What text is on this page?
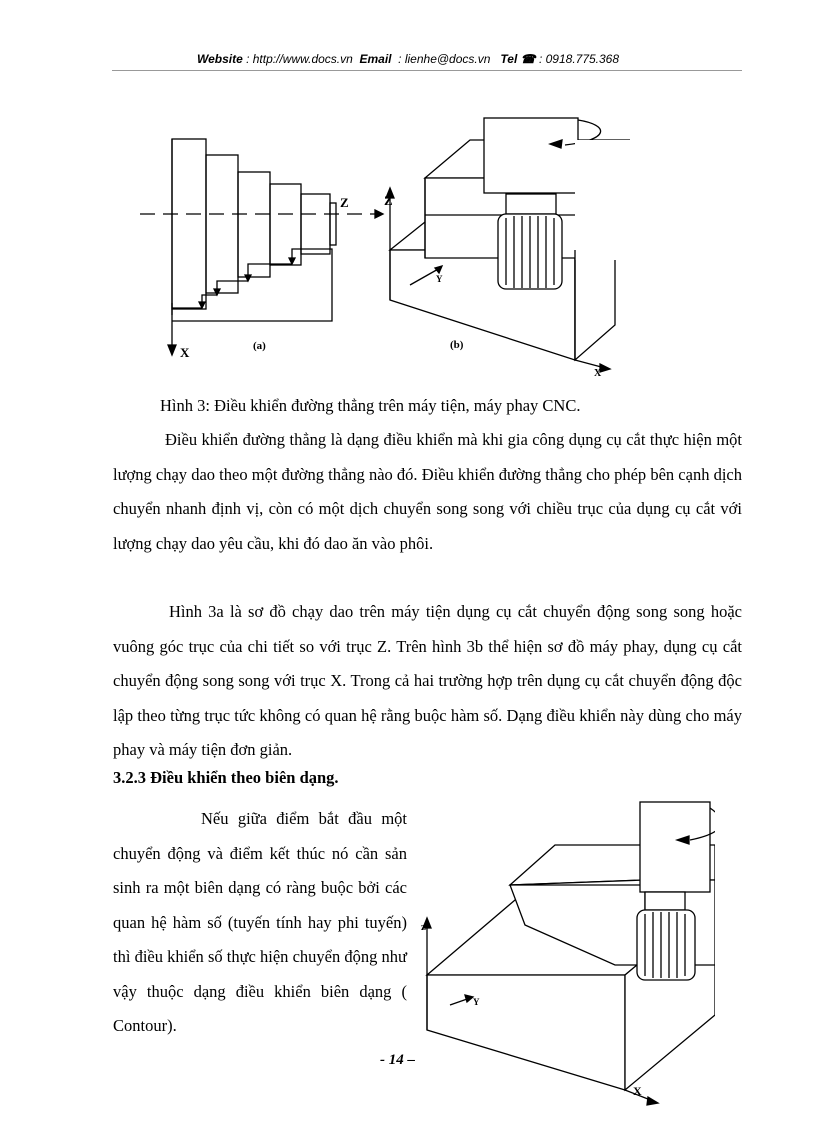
Website : http://www.docs.vn Email : lienhe@docs.vn Tel ☎ : 0918.775.368
Z
X	(a)
Z
Y
X
(b)
Hình 3: Điều khiển đường thẳng trên máy tiện, máy phay CNC.
Điều khiển đường thẳng là dạng điều khiển mà khi gia công dụng cụ cắt thực hiện một lượng chạy dao theo một đường thẳng nào đó. Điều khiển đường thẳng cho phép bên cạnh dịch chuyển nhanh định vị, còn có một dịch chuyển song song với chiều trục của dụng cụ cắt với lượng chạy dao yêu cầu, khi đó dao ăn vào phôi.
Hình 3a là sơ đồ chạy dao trên máy tiện dụng cụ cắt chuyển động song song hoặc vuông góc trục của chi tiết so với trục Z. Trên hình 3b thể hiện sơ đồ máy phay, dụng cụ cắt chuyển động song song với trục X. Trong cả hai trường hợp trên dụng cụ cắt chuyển động độc lập theo từng trục tức không có quan hệ rằng buộc hàm số. Dạng điều khiển này dùng cho máy phay và máy tiện đơn giản.
3.2.3 Điều khiển theo biên dạng.
Nếu giữa điểm bắt đầu một chuyển động và điểm kết thúc nó cần sản sinh ra một biên dạng có ràng buộc bởi các quan hệ hàm số (tuyến tính hay phi tuyến) thì điều khiển số thực hiện chuyển động như vậy thuộc dạng điều khiển biên dạng ( Contour).
z
Y
X
- 14 –
